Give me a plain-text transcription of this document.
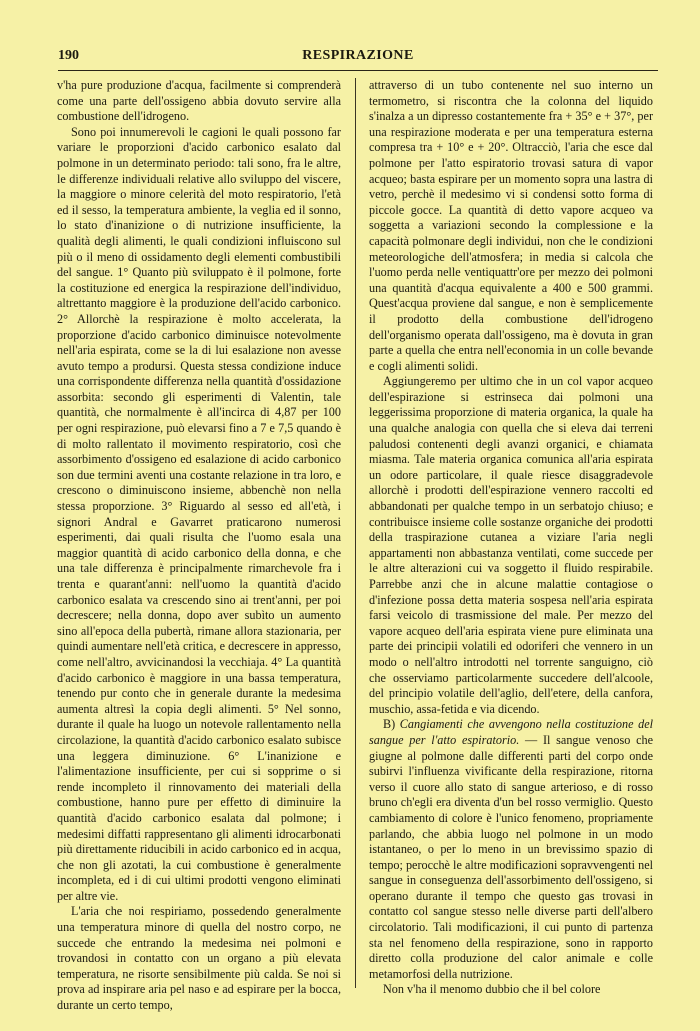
190	RESPIRAZIONE

v'ha pure produzione d'acqua, facilmente si comprenderà come una parte dell'ossigeno abbia dovuto servire alla combustione dell'idrogeno.

Sono poi innumerevoli le cagioni le quali possono far variare le proporzioni d'acido carbonico esalato dal polmone in un determinato periodo: tali sono, fra le altre, le differenze individuali relative allo sviluppo del viscere, la maggiore o minore celerità del moto respiratorio, l'età ed il sesso, la temperatura ambiente, la veglia ed il sonno, lo stato d'inanizione o di nutrizione insufficiente, la qualità degli alimenti, le quali condizioni influiscono sul più o il meno di ossidamento degli elementi combustibili del sangue. 1° Quanto più sviluppato è il polmone, forte la costituzione ed energica la respirazione dell'individuo, altrettanto maggiore è la produzione dell'acido carbonico. 2° Allorchè la respirazione è molto accelerata, la proporzione d'acido carbonico diminuisce notevolmente nell'aria espirata, come se la di lui esalazione non avesse avuto tempo a prodursi. Questa stessa condizione induce una corrispondente differenza nella quantità d'ossidazione assorbita: secondo gli esperimenti di Valentin, tale quantità, che normalmente è all'incirca di 4,87 per 100 per ogni respirazione, può elevarsi fino a 7 e 7,5 quando è di molto rallentato il movimento respiratorio, così che assorbimento d'ossigeno ed esalazione di acido carbonico son due termini aventi una costante relazione in tra loro, e crescono o diminuiscono insieme, abbenchè non nella stessa proporzione. 3° Riguardo al sesso ed all'età, i signori Andral e Gavarret praticarono numerosi esperimenti, dai quali risulta che l'uomo esala una maggior quantità di acido carbonico della donna, e che una tale differenza è principalmente rimarchevole fra i trenta e quarant'anni: nell'uomo la quantità d'acido carbonico esalata va crescendo sino ai trent'anni, per poi decrescere; nella donna, dopo aver subìto un aumento sino all'epoca della pubertà, rimane allora stazionaria, per quindi aumentare nell'età critica, e decrescere in appresso, come nell'altro, avvicinandosi la vecchiaja. 4° La quantità d'acido carbonico è maggiore in una bassa temperatura, tenendo pur conto che in generale durante la medesima aumenta altresì la copia degli alimenti. 5° Nel sonno, durante il quale ha luogo un notevole rallentamento nella circolazione, la quantità d'acido carbonico esalato subisce una leggera diminuzione. 6° L'inanizione e l'alimentazione insufficiente, per cui si sopprime o si rende incompleto il rinnovamento dei materiali della combustione, hanno pure per effetto di diminuire la quantità d'acido carbonico esalata dal polmone; i medesimi diffatti rappresentano gli alimenti idrocarbonati più direttamente riducibili in acido carbonico ed in acqua, che non gli azotati, la cui combustione è generalmente incompleta, ed i di cui ultimi prodotti vengono eliminati per altre vie.

L'aria che noi respiriamo, possedendo generalmente una temperatura minore di quella del nostro corpo, ne succede che entrando la medesima nei polmoni e trovandosi in contatto con un organo a più elevata temperatura, ne risorte sensibilmente più calda. Se noi si prova ad inspirare aria pel naso e ad espirare per la bocca, durante un certo tempo,

attraverso di un tubo contenente nel suo interno un termometro, si riscontra che la colonna del liquido s'inalza a un dipresso costantemente fra + 35° e + 37°, per una respirazione moderata e per una temperatura esterna compresa tra + 10° e + 20°. Oltracciò, l'aria che esce dal polmone per l'atto espiratorio trovasi satura di vapor acqueo; basta espirare per un momento sopra una lastra di vetro, perchè il medesimo vi si condensi sotto forma di piccole gocce. La quantità di detto vapore acqueo va soggetta a variazioni secondo la complessione e la capacità polmonare degli individui, non che le condizioni meteorologiche dell'atmosfera; in media si calcola che l'uomo perda nelle ventiquattr'ore per mezzo dei polmoni una quantità d'acqua equivalente a 400 e 500 grammi. Quest'acqua proviene dal sangue, e non è semplicemente il prodotto della combustione dell'idrogeno dell'organismo operata dall'ossigeno, ma è dovuta in gran parte a quella che entra nell'economia in un colle bevande e cogli alimenti solidi.

Aggiungeremo per ultimo che in un col vapor acqueo dell'espirazione si estrinseca dai polmoni una leggerissima proporzione di materia organica, la quale ha una qualche analogia con quella che si eleva dai terreni paludosi contenenti degli avanzi organici, e chiamata miasma. Tale materia organica comunica all'aria espirata un odore particolare, il quale riesce disaggradevole allorchè i prodotti dell'espirazione vennero raccolti ed abbandonati per qualche tempo in un serbatojo chiuso; e contribuisce insieme colle sostanze organiche dei prodotti della traspirazione cutanea a viziare l'aria negli appartamenti non abbastanza ventilati, come succede per le altre alterazioni cui va soggetto il fluido respirabile. Parrebbe anzi che in alcune malattie contagiose o d'infezione possa detta materia sospesa nell'aria espirata farsi veicolo di trasmissione del male. Per mezzo del vapore acqueo dell'aria espirata viene pure eliminata una parte dei principii volatili ed odoriferi che vennero in un modo o nell'altro introdotti nel torrente sanguigno, ciò che osserviamo particolarmente succedere dell'alcoole, del principio volatile dell'aglio, dell'etere, della canfora, muschio, assa-fetida e via dicendo.

B) Cangiamenti che avvengono nella costituzione del sangue per l'atto espiratorio. — Il sangue venoso che giugne al polmone dalle differenti parti del corpo onde subirvi l'influenza vivificante della respirazione, ritorna verso il cuore allo stato di sangue arterioso, e di rosso bruno ch'egli era diventa d'un bel rosso vermiglio. Questo cambiamento di colore è l'unico fenomeno, propriamente parlando, che abbia luogo nel polmone in un modo istantaneo, o per lo meno in un brevissimo spazio di tempo; perocchè le altre modificazioni sopravvengenti nel sangue in conseguenza dell'assorbimento dell'ossigeno, si operano durante il tempo che questo gas trovasi in contatto col sangue stesso nelle diverse parti dell'albero circolatorio. Tali modificazioni, il cui punto di partenza sta nel fenomeno della respirazione, sono in rapporto diretto colla produzione del calor animale e colle metamorfosi della nutrizione.

Non v'ha il menomo dubbio che il bel colore
